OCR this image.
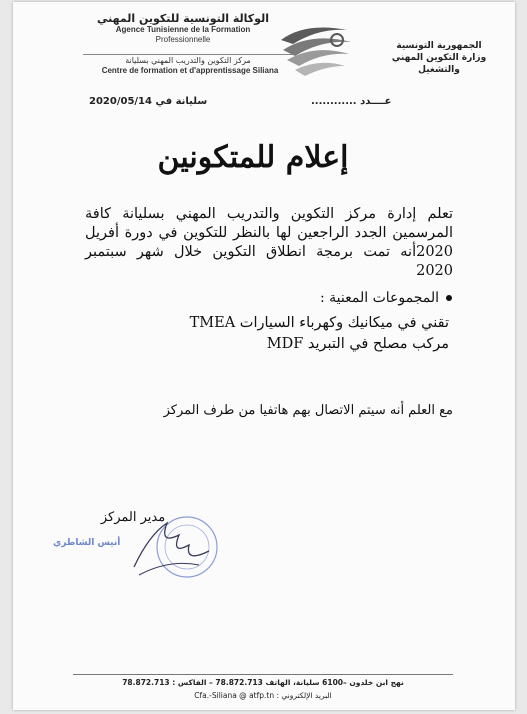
الجمهورية التونسية
وزارة التكوين المهني والتشغيل
الوكالة التونسية للتكوين المهني
Agence Tunisienne de la Formation
Professionnelle
مركز التكوين والتدريب المهني بسليانة
Centre de formation et d'apprentissage Siliana
سليانة في 2020/05/14	عــــدد ............
إعلام للمتكونين
تعلم إدارة مركز التكوين والتدريب المهني بسليانة كافة المرسمين الجدد الراجعين لها بالنظر للتكوين في دورة أفريل 2020أنه تمت برمجة انطلاق التكوين خلال شهر سبتمبر 2020
المجموعات المعنية :
TMEA تقني في ميكانيك وكهرباء السيارات
MDF مركب مصلح في التبريد
مع العلم أنه سيتم الاتصال بهم هاتفيا من طرف المركز
مدير المركز
أنيس الشاطري
نهج ابن خلدون –6100 سليانة، الهاتف 78.872.713 – الفاكس : 78.872.713
البريد الإلكتروني : Cfa.-Siliana @ atfp.tn
